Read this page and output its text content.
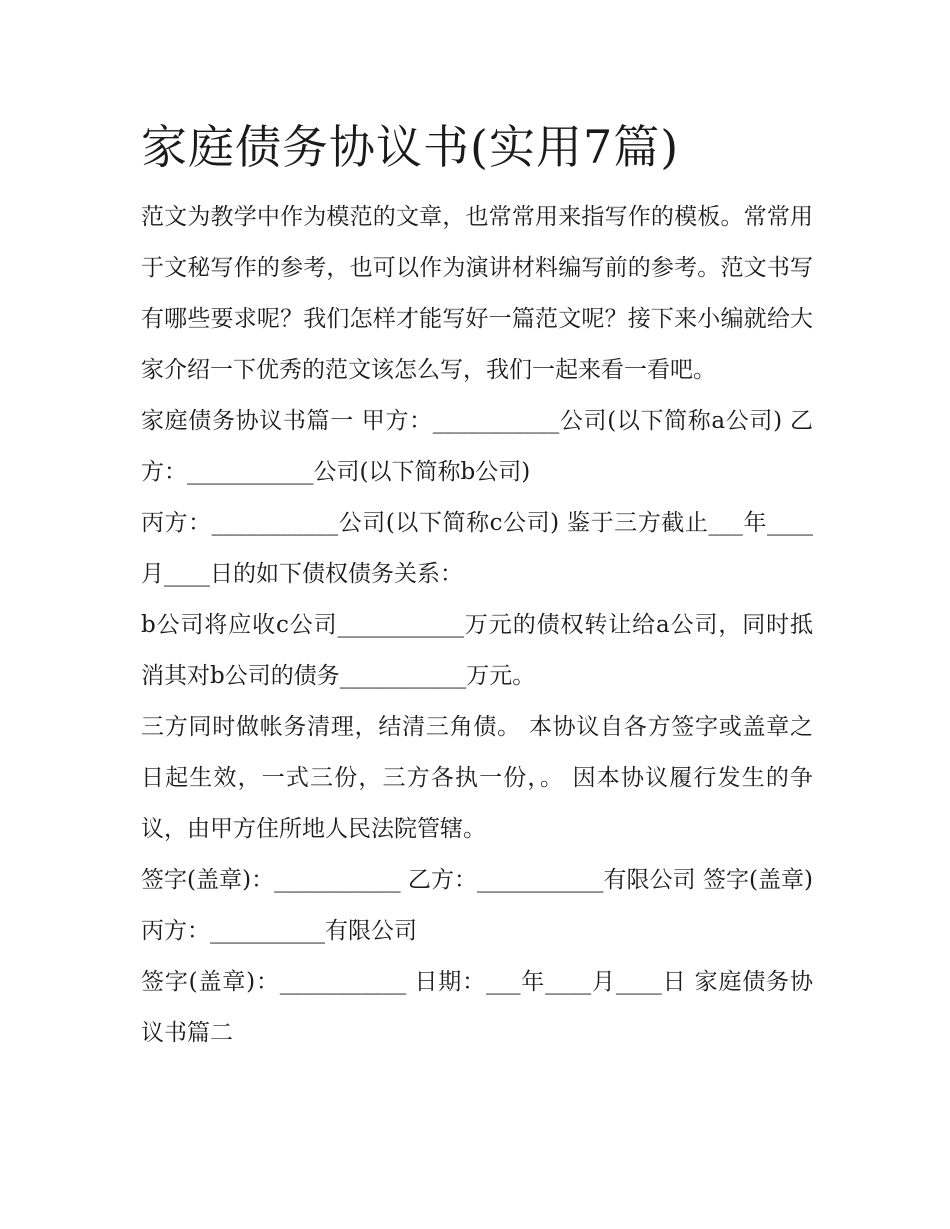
家庭债务协议书(实用7篇)

范文为教学中作为模范的文章，也常常用来指写作的模板。常常用于文秘写作的参考，也可以作为演讲材料编写前的参考。范文书写有哪些要求呢？我们怎样才能写好一篇范文呢？接下来小编就给大家介绍一下优秀的范文该怎么写，我们一起来看一看吧。

家庭债务协议书篇一 甲方：___________公司(以下简称a公司) 乙方：___________公司(以下简称b公司)

丙方：___________公司(以下简称c公司) 鉴于三方截止___年____月____日的如下债权债务关系：

b公司将应收c公司___________万元的债权转让给a公司，同时抵消其对b公司的债务___________万元。

三方同时做帐务清理，结清三角债。 本协议自各方签字或盖章之日起生效，一式三份，三方各执一份，。 因本协议履行发生的争议，由甲方住所地人民法院管辖。

签字(盖章)：___________ 乙方：___________有限公司 签字(盖章) 丙方：__________有限公司

签字(盖章)：___________ 日期：___年____月____日 家庭债务协议书篇二
